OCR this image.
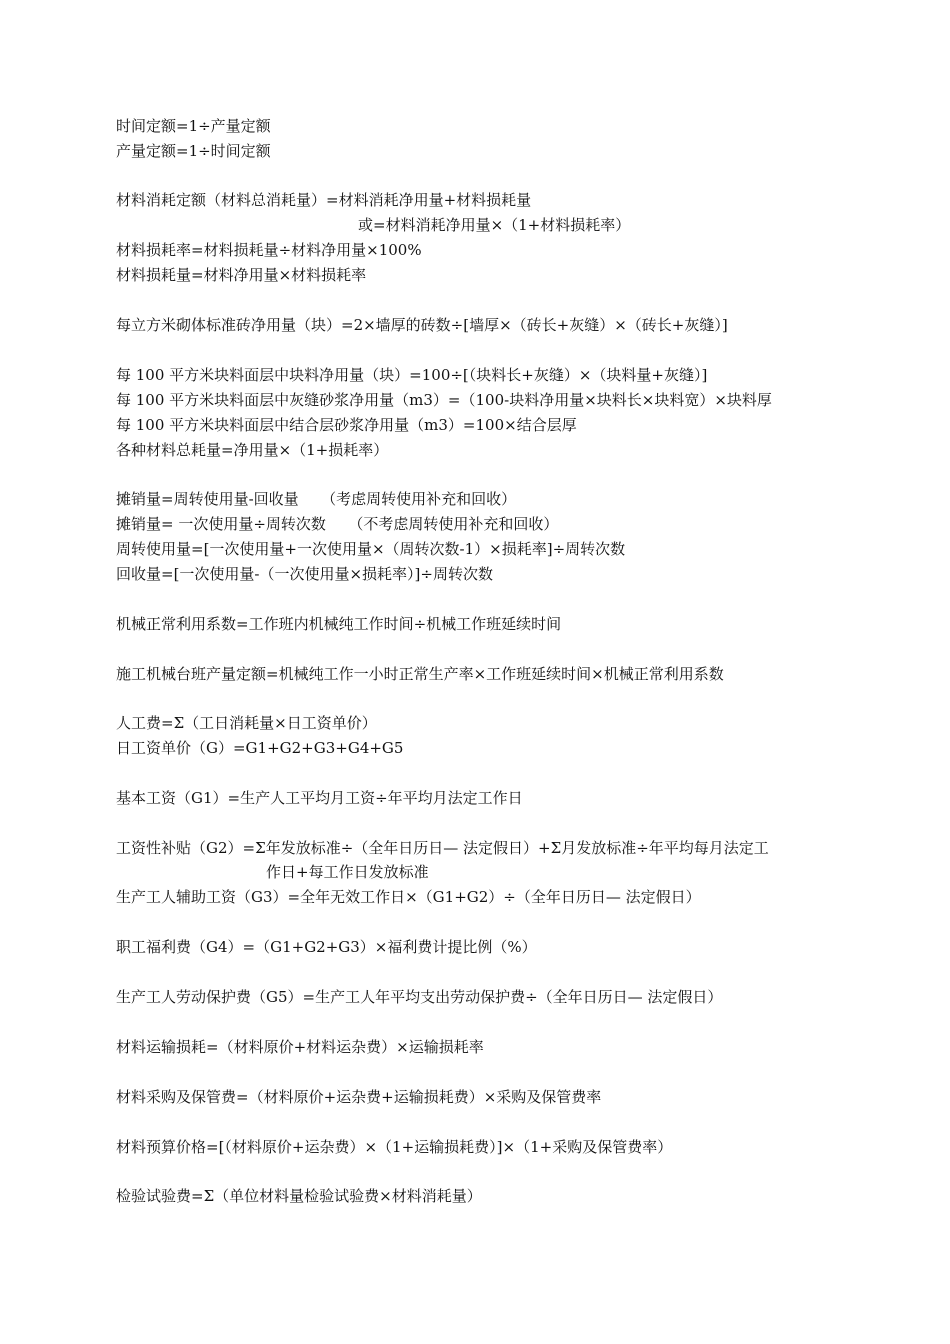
时间定额=1÷产量定额
产量定额=1÷时间定额
材料消耗定额（材料总消耗量）=材料消耗净用量+材料损耗量
或=材料消耗净用量×（1+材料损耗率）
材料损耗率=材料损耗量÷材料净用量×100%
材料损耗量=材料净用量×材料损耗率
每立方米砌体标准砖净用量（块）=2×墙厚的砖数÷[墙厚×（砖长+灰缝）×（砖长+灰缝）]
每 100 平方米块料面层中块料净用量（块）=100÷[（块料长+灰缝）×（块料量+灰缝）]
每 100 平方米块料面层中灰缝砂浆净用量（m3）=（100-块料净用量×块料长×块料宽）×块料厚
每 100 平方米块料面层中结合层砂浆净用量（m3）=100×结合层厚
各种材料总耗量=净用量×（1+损耗率）
摊销量=周转使用量-回收量　　（考虑周转使用补充和回收）
摊销量= 一次使用量÷周转次数　　（不考虑周转使用补充和回收）
周转使用量=[一次使用量+一次使用量×（周转次数-1）×损耗率]÷周转次数
回收量=[一次使用量-（一次使用量×损耗率）]÷周转次数
机械正常利用系数=工作班内机械纯工作时间÷机械工作班延续时间
施工机械台班产量定额=机械纯工作一小时正常生产率×工作班延续时间×机械正常利用系数
人工费=Σ（工日消耗量×日工资单价）
日工资单价（G）=G1+G2+G3+G4+G5
基本工资（G1）=生产人工平均月工资÷年平均月法定工作日
工资性补贴（G2）=Σ年发放标准÷（全年日历日— 法定假日）+Σ月发放标准÷年平均每月法定工
作日+每工作日发放标准
生产工人辅助工资（G3）=全年无效工作日×（G1+G2）÷（全年日历日— 法定假日）
职工福利费（G4）=（G1+G2+G3）×福利费计提比例（%）
生产工人劳动保护费（G5）=生产工人年平均支出劳动保护费÷（全年日历日— 法定假日）
材料运输损耗=（材料原价+材料运杂费）×运输损耗率
材料采购及保管费=（材料原价+运杂费+运输损耗费）×采购及保管费率
材料预算价格=[（材料原价+运杂费）×（1+运输损耗费）]×（1+采购及保管费率）
检验试验费=Σ（单位材料量检验试验费×材料消耗量）
